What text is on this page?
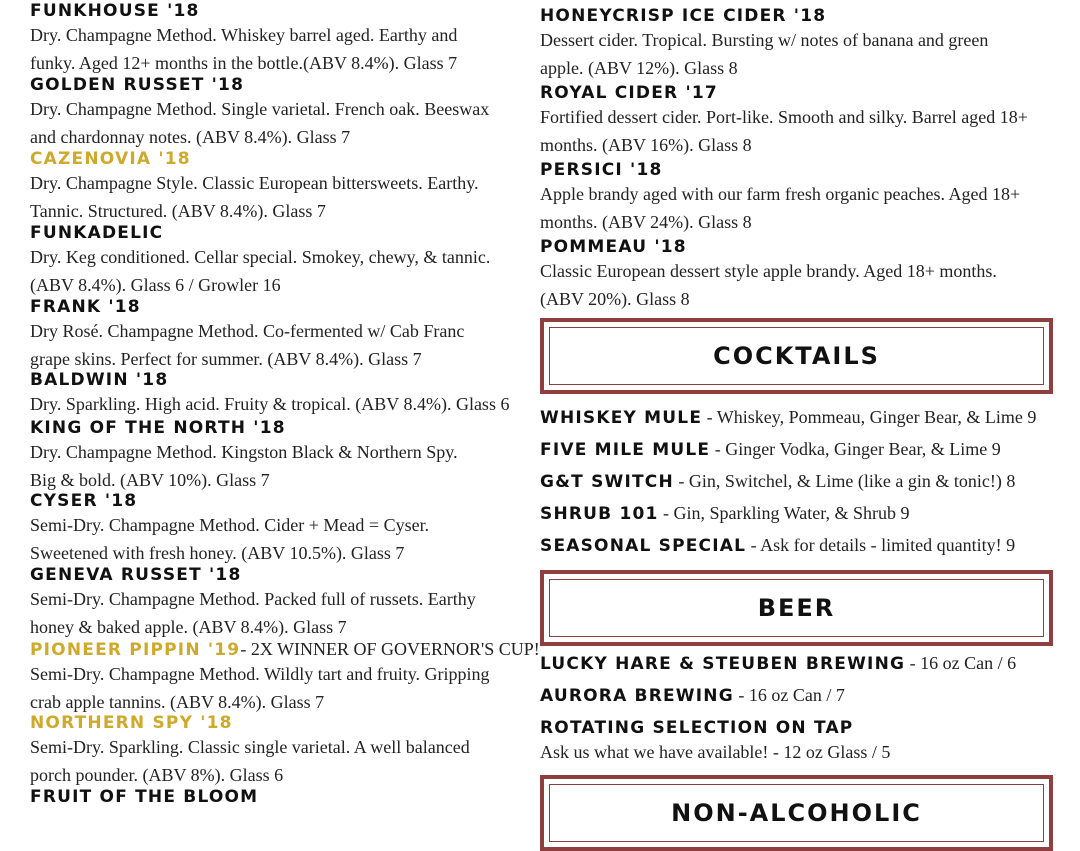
FUNKHOUSE '18
Dry. Champagne Method. Whiskey barrel aged. Earthy and
funky. Aged 12+ months in the bottle.(ABV 8.4%). Glass 7
GOLDEN RUSSET '18
Dry. Champagne Method. Single varietal. French oak. Beeswax
and chardonnay notes. (ABV 8.4%). Glass 7
CAZENOVIA '18
Dry. Champagne Style. Classic European bittersweets. Earthy.
Tannic. Structured. (ABV 8.4%). Glass 7
FUNKADELIC
Dry. Keg conditioned. Cellar special. Smokey, chewy, & tannic.
(ABV 8.4%). Glass 6 / Growler 16
FRANK '18
Dry Rosé. Champagne Method. Co-fermented w/ Cab Franc
grape skins. Perfect for summer. (ABV 8.4%). Glass 7
BALDWIN '18
Dry. Sparkling. High acid. Fruity & tropical. (ABV 8.4%). Glass 6
KING OF THE NORTH '18
Dry. Champagne Method. Kingston Black & Northern Spy.
Big & bold. (ABV 10%). Glass 7
CYSER '18
Semi-Dry. Champagne Method. Cider + Mead = Cyser.
Sweetened with fresh honey. (ABV 10.5%). Glass 7
GENEVA RUSSET '18
Semi-Dry. Champagne Method. Packed full of russets. Earthy
honey & baked apple. (ABV 8.4%). Glass 7
PIONEER PIPPIN '19- 2X WINNER OF GOVERNOR'S CUP!
Semi-Dry. Champagne Method. Wildly tart and fruity. Gripping
crab apple tannins. (ABV 8.4%). Glass 7
NORTHERN SPY '18
Semi-Dry. Sparkling. Classic single varietal. A well balanced
porch pounder. (ABV 8%). Glass 6
FRUIT OF THE BLOOM
HONEYCRISP ICE CIDER '18
Dessert cider. Tropical. Bursting w/ notes of banana and green
apple. (ABV 12%). Glass 8
ROYAL CIDER '17
Fortified dessert cider. Port-like. Smooth and silky. Barrel aged 18+
months. (ABV 16%). Glass 8
PERSICI '18
Apple brandy aged with our farm fresh organic peaches. Aged 18+
months. (ABV 24%). Glass 8
POMMEAU '18
Classic European dessert style apple brandy. Aged 18+ months.
(ABV 20%). Glass 8
COCKTAILS
WHISKEY MULE - Whiskey, Pommeau, Ginger Bear, & Lime 9
FIVE MILE MULE - Ginger Vodka, Ginger Bear, & Lime 9
G&T SWITCH - Gin, Switchel, & Lime (like a gin & tonic!) 8
SHRUB 101 - Gin, Sparkling Water, & Shrub 9
SEASONAL SPECIAL - Ask for details - limited quantity! 9
BEER
LUCKY HARE & STEUBEN BREWING - 16 oz Can / 6
AURORA BREWING - 16 oz Can / 7
ROTATING SELECTION ON TAP
Ask us what we have available! - 12 oz Glass / 5
NON-ALCOHOLIC
